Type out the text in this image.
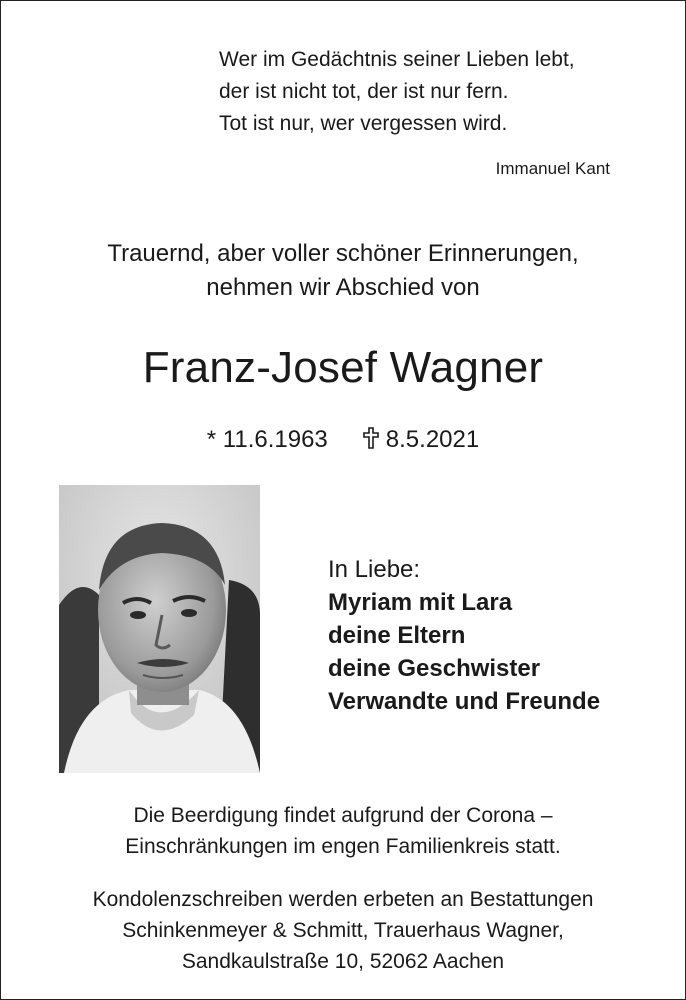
Wer im Gedächtnis seiner Lieben lebt,
der ist nicht tot, der ist nur fern.
Tot ist nur, wer vergessen wird.
Immanuel Kant
Trauernd, aber voller schöner Erinnerungen,
nehmen wir Abschied von
Franz-Josef Wagner
* 11.6.1963 8.5.2021
In Liebe:
Myriam mit Lara
deine Eltern
deine Geschwister
Verwandte und Freunde
Die Beerdigung findet aufgrund der Corona –
Einschränkungen im engen Familienkreis statt.
Kondolenzschreiben werden erbeten an Bestattungen
Schinkenmeyer & Schmitt, Trauerhaus Wagner,
Sandkaulstraße 10, 52062 Aachen
